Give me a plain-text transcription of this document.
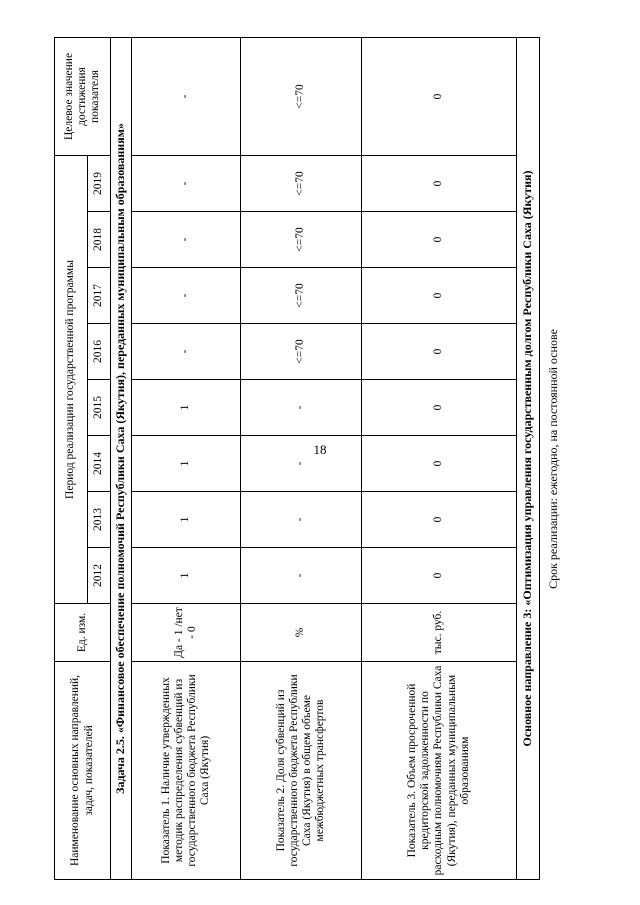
18
Наименование основных направлений, задач, показателей	Ед. изм.	Период реализации государственной программы								Целевое значение достижения показателя
		2012	2013	2014	2015	2016	2017	2018	2019	
Задача 2.5. «Финансовое обеспечение полномочий Республики Саха (Якутия), переданных муниципальным образованиям»										
Показатель 1. Наличие утвержденных методик распределения субвенций из государственного бюджета Республики Саха (Якутия)	Да - 1 /нет - 0	1	1	1	1	-	-	-	-	-
Показатель 2. Доля субвенций из государственного бюджета Республики Саха (Якутия) в общем объеме межбюджетных трансфертов	%	-	-	-	-	<=70	<=70	<=70	<=70	<=70
Показатель 3. Объем просроченной кредиторской задолженности по расходным полномочиям Республики Саха (Якутия), переданных муниципальным образованиям	тыс. руб.	0	0	0	0	0	0	0	0	0
Основное направление 3: «Оптимизация управления государственным долгом Республики Саха (Якутия)										Срок реализации: ежегодно, на постоянной основе
